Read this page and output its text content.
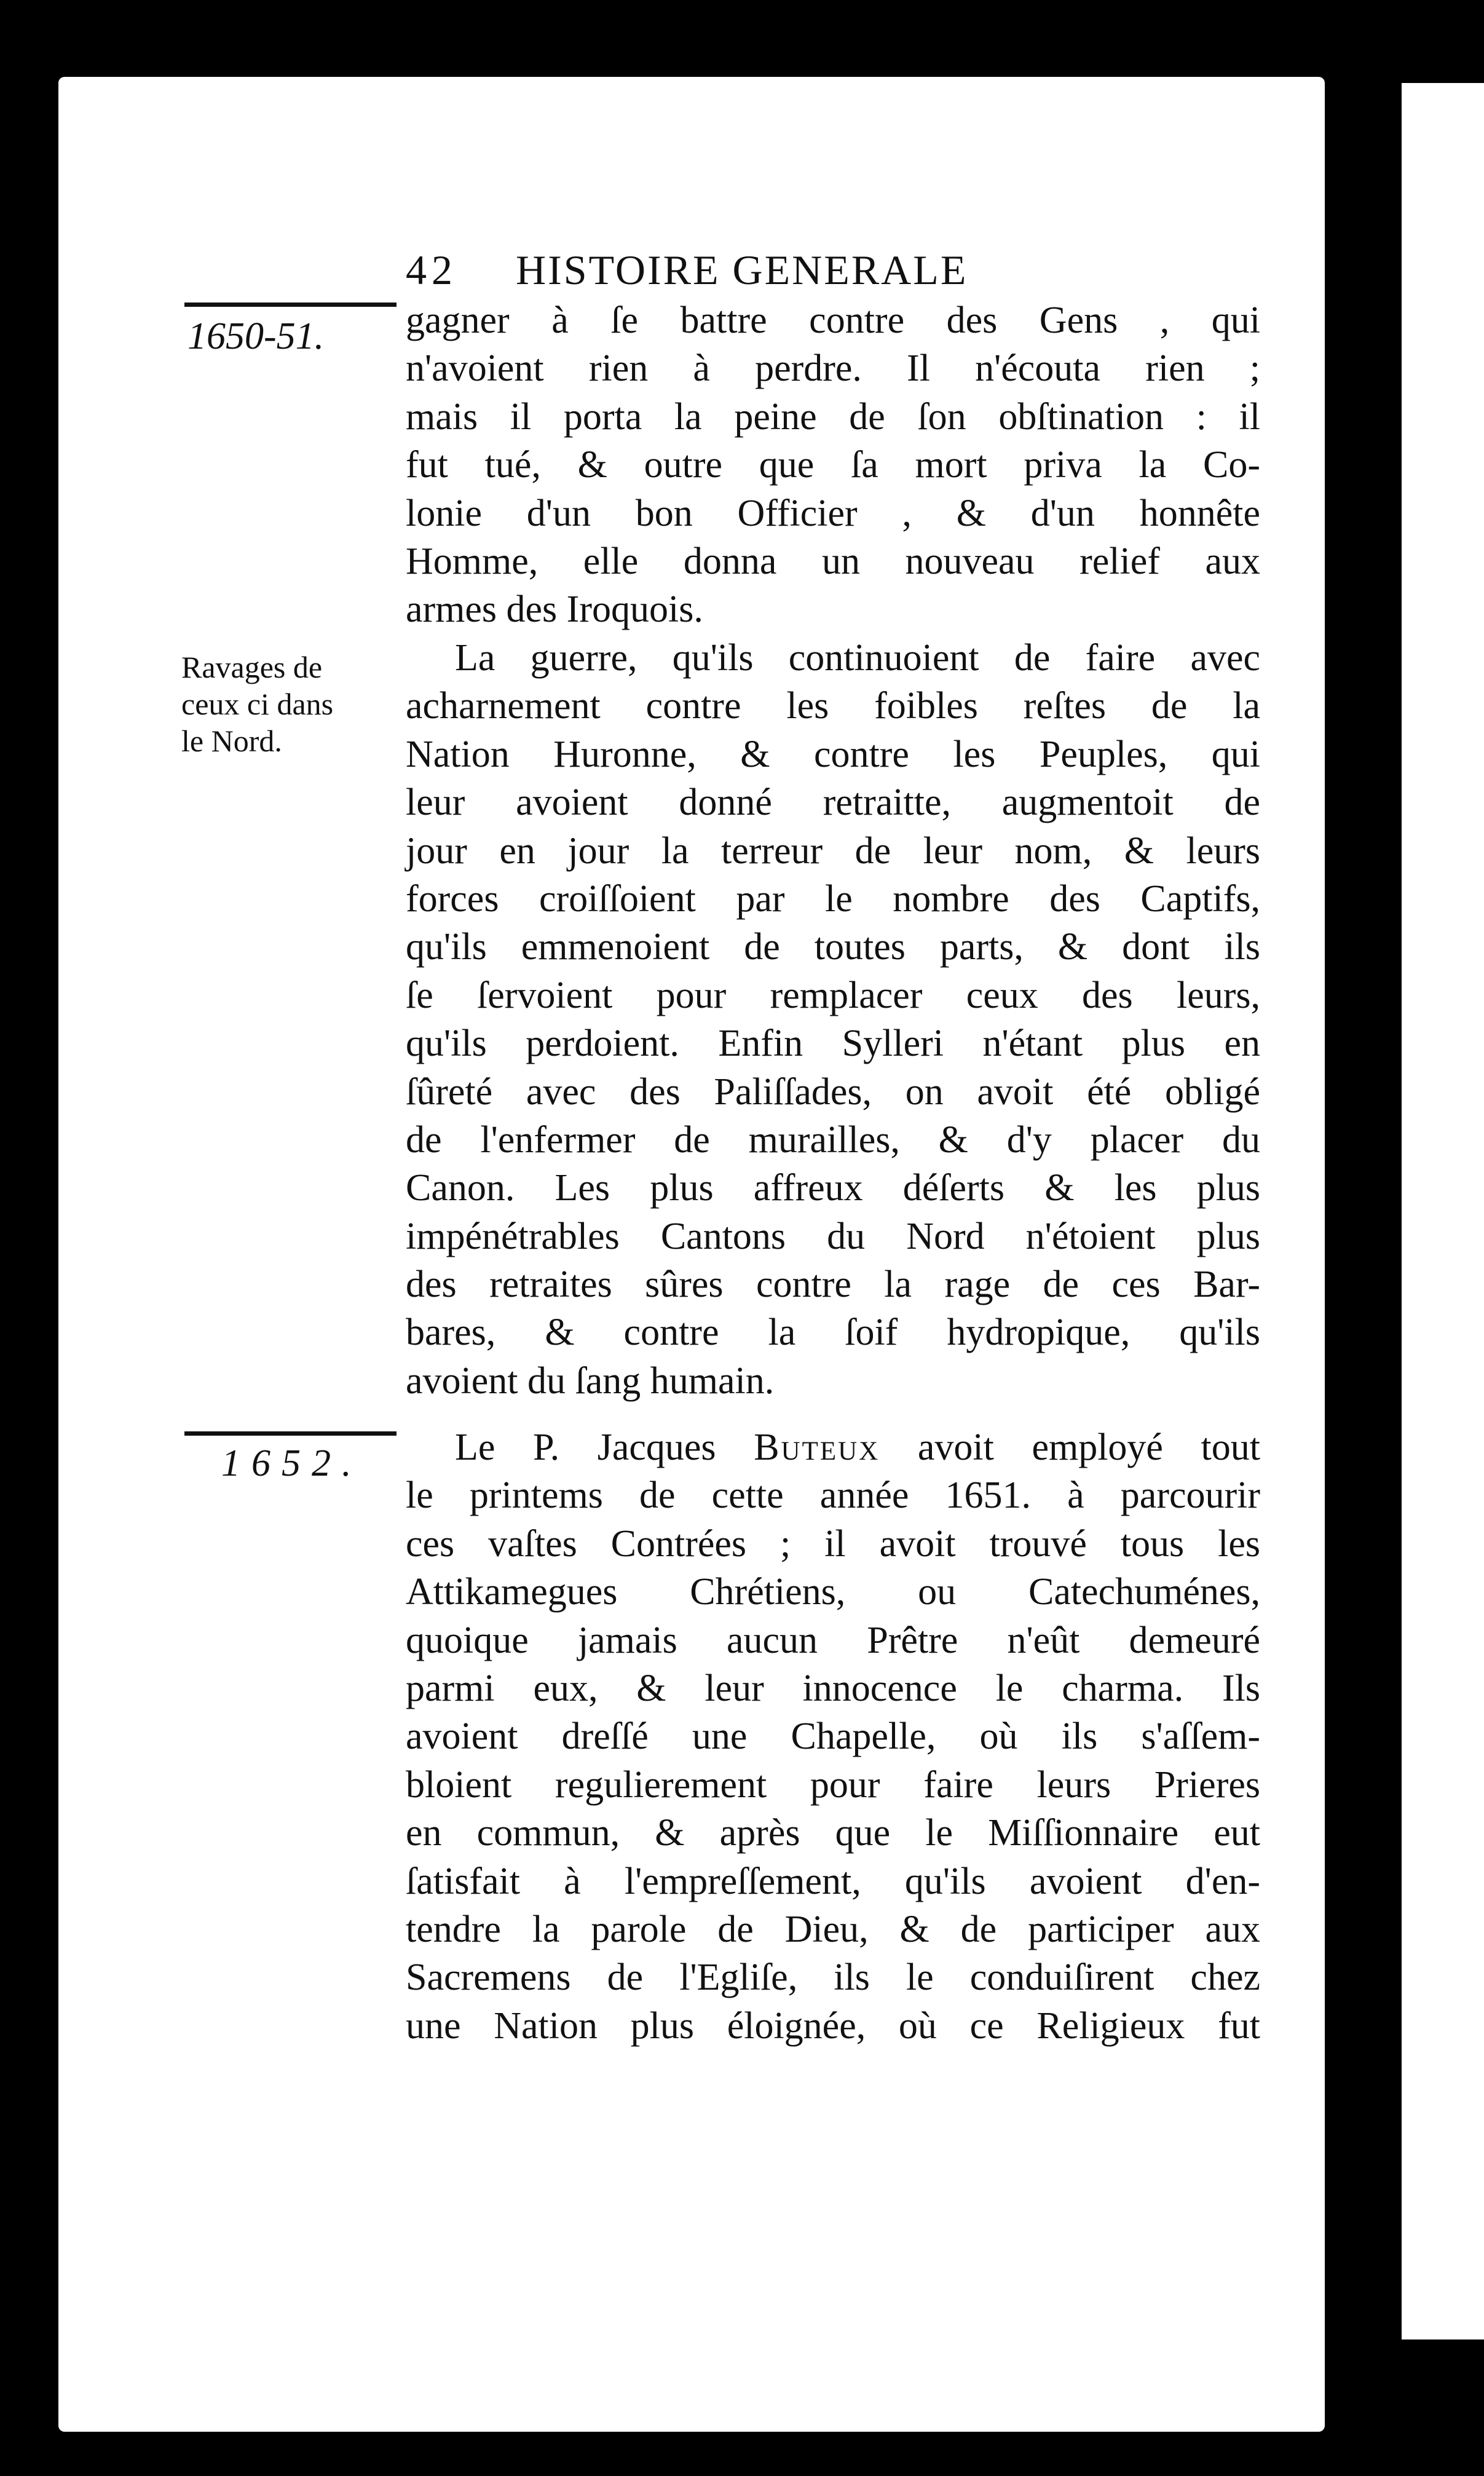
42 HISTOIRE GENERALE
1650-51.
Ravages de
ceux ci dans
le Nord.
1652.
gagner à ſe battre contre des Gens , qui
n'avoient rien à perdre. Il n'écouta rien ;
mais il porta la peine de ſon obſtination : il
fut tué, & outre que ſa mort priva la Co-
lonie d'un bon Officier , & d'un honnête
Homme, elle donna un nouveau relief aux
armes des Iroquois.
La guerre, qu'ils continuoient de faire avec
acharnement contre les foibles reſtes de la
Nation Huronne, & contre les Peuples, qui
leur avoient donné retraitte, augmentoit de
jour en jour la terreur de leur nom, & leurs
forces croiſſoient par le nombre des Captifs,
qu'ils emmenoient de toutes parts, & dont ils
ſe ſervoient pour remplacer ceux des leurs,
qu'ils perdoient. Enfin Sylleri n'étant plus en
ſûreté avec des Paliſſades, on avoit été obligé
de l'enfermer de murailles, & d'y placer du
Canon. Les plus affreux déſerts & les plus
impénétrables Cantons du Nord n'étoient plus
des retraites sûres contre la rage de ces Bar-
bares, & contre la ſoif hydropique, qu'ils
avoient du ſang humain.
Le P. Jacques Buteux avoit employé tout
le printems de cette année 1651. à parcourir
ces vaſtes Contrées ; il avoit trouvé tous les
Attikamegues Chrétiens, ou Catechuménes,
quoique jamais aucun Prêtre n'eût demeuré
parmi eux, & leur innocence le charma. Ils
avoient dreſſé une Chapelle, où ils s'aſſem-
bloient regulierement pour faire leurs Prieres
en commun, & après que le Miſſionnaire eut
ſatisfait à l'empreſſement, qu'ils avoient d'en-
tendre la parole de Dieu, & de participer aux
Sacremens de l'Egliſe, ils le conduiſirent chez
une Nation plus éloignée, où ce Religieux fut
